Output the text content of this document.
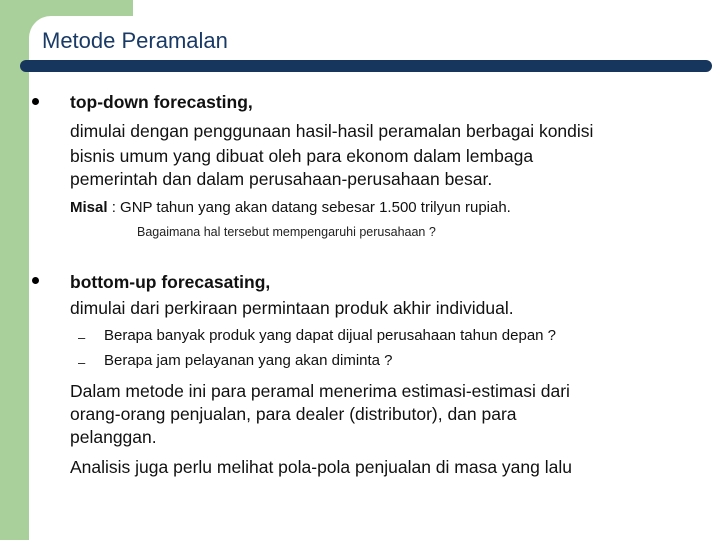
Metode Peramalan
top-down forecasting,
dimulai dengan penggunaan hasil-hasil peramalan berbagai kondisi
bisnis umum yang dibuat oleh para ekonom dalam lembaga
pemerintah dan dalam perusahaan-perusahaan besar.
Misal : GNP tahun yang akan datang sebesar 1.500 trilyun rupiah.
Bagaimana hal tersebut mempengaruhi perusahaan ?
bottom-up forecasating,
dimulai dari perkiraan permintaan produk akhir individual.
– Berapa banyak produk yang dapat dijual perusahaan tahun depan ?
– Berapa jam pelayanan yang akan diminta ?
Dalam metode ini para peramal menerima estimasi-estimasi dari
orang-orang penjualan, para dealer (distributor), dan para
pelanggan.
Analisis juga perlu melihat pola-pola penjualan di masa yang lalu
